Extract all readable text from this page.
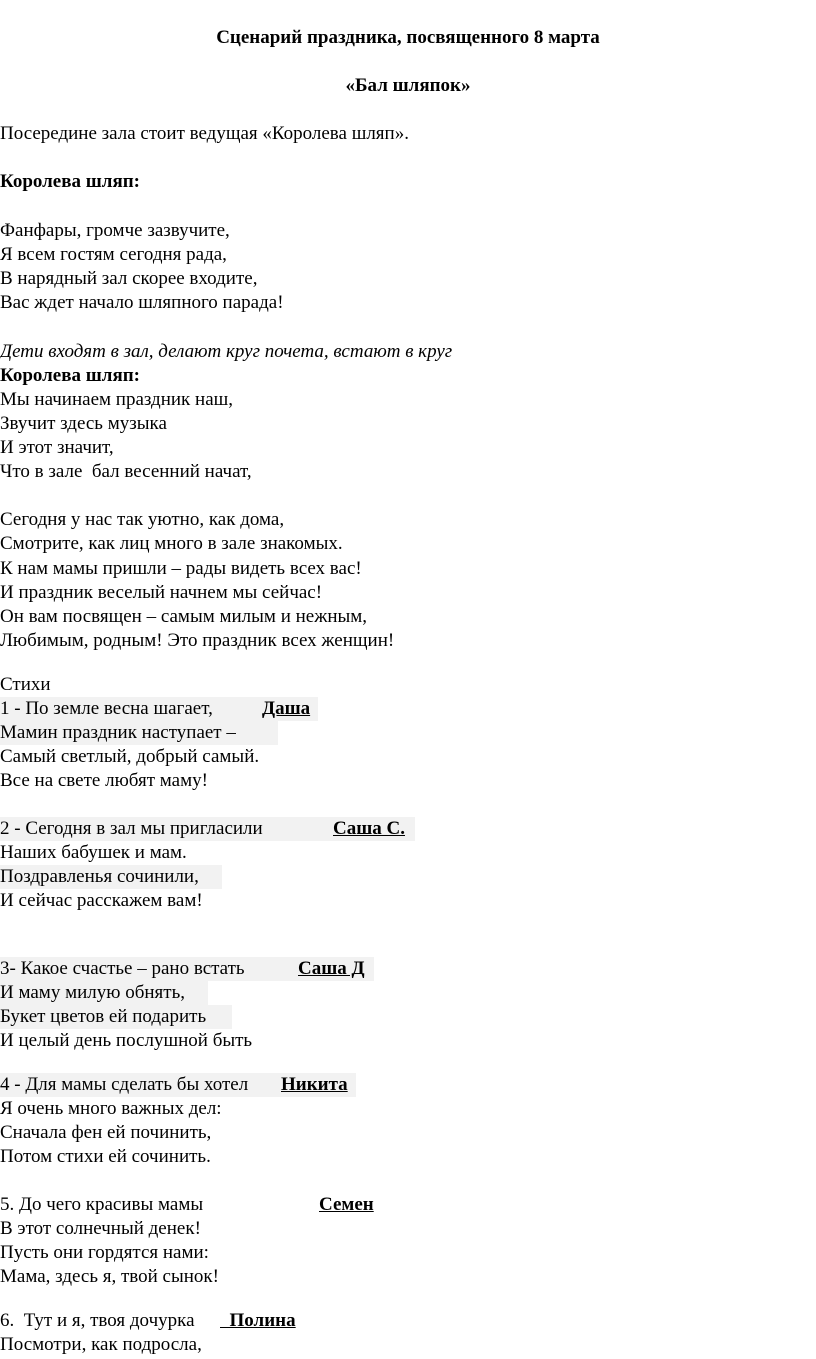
Сценарий праздника, посвященного 8 марта
«Бал шляпок»
Посередине зала стоит ведущая «Королева шляп».
Королева шляп:
Фанфары, громче зазвучите,
Я всем гостям сегодня рада,
В нарядный зал скорее входите,
Вас ждет начало шляпного парада!
Дети входят в зал, делают круг почета, встают в круг
Королева шляп:
Мы начинаем праздник наш,
Звучит здесь музыка
И этот значит,
Что в зале  бал весенний начат,
Сегодня у нас так уютно, как дома,
Смотрите, как лиц много в зале знакомых.
К нам мамы пришли – рады видеть всех вас!
И праздник веселый начнем мы сейчас!
Он вам посвящен – самым милым и нежным,
Любимым, родным! Это праздник всех женщин!
Стихи
1 - По земле весна шагает,	Даша
Мамин праздник наступает –
Самый светлый, добрый самый.
Все на свете любят маму!
2 - Сегодня в зал мы пригласили	Саша С.
Наших бабушек и мам.
Поздравленья сочинили,
И сейчас расскажем вам!
3- Какое счастье – рано встать	Саша Д
И маму милую обнять,
Букет цветов ей подарить
И целый день послушной быть
4 - Для мамы сделать бы хотел Никита
Я очень много важных дел:
Сначала фен ей починить,
Потом стихи ей сочинить.
5. До чего красивы мамы	Семен
В этот солнечный денек!
Пусть они гордятся нами:
Мама, здесь я, твой сынок!
6.  Тут и я, твоя дочурка	Полина
Посмотри, как подросла,
